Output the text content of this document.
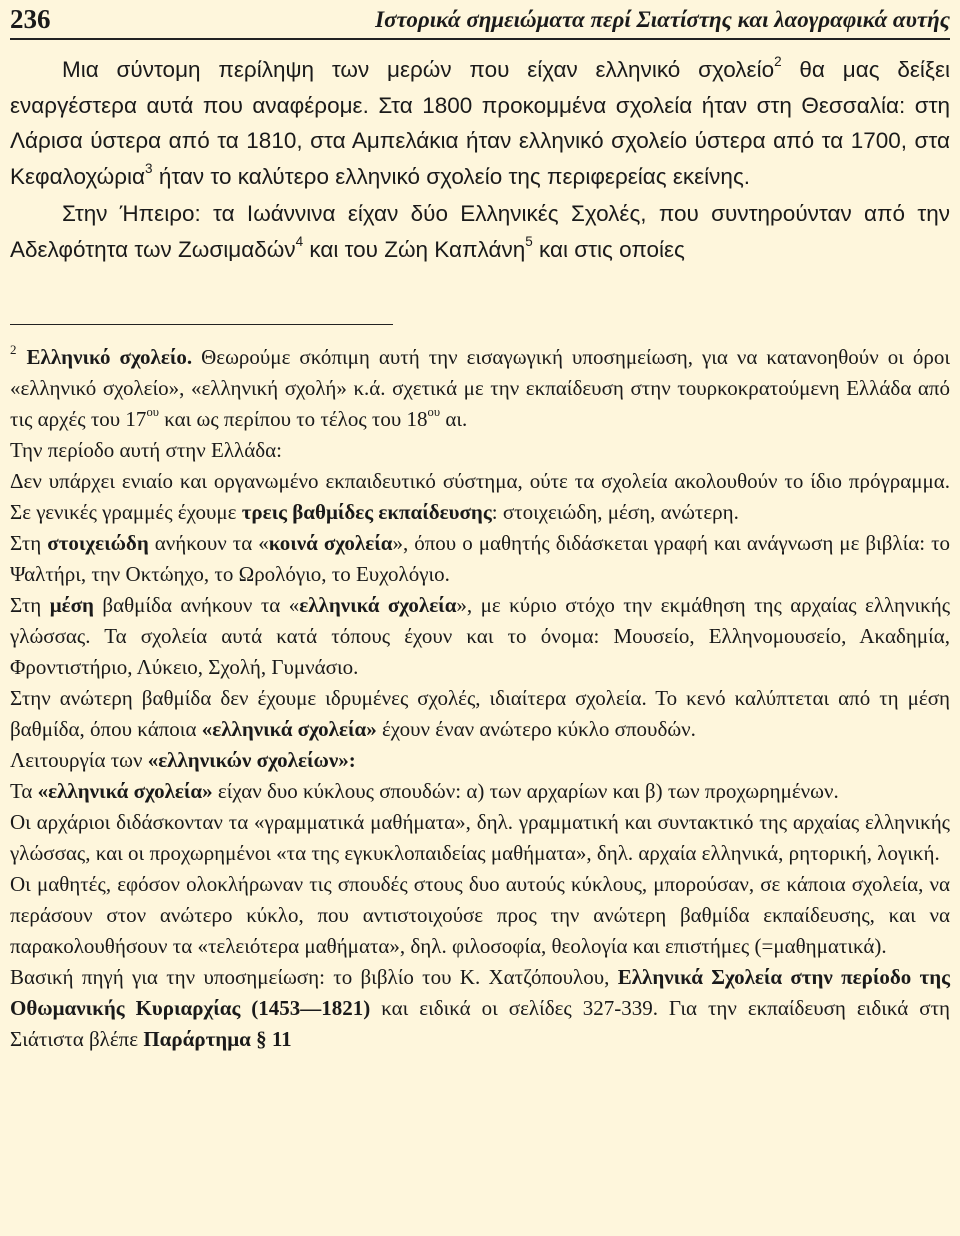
236	Ιστορικά σημειώματα περί Σιατίστης και λαογραφικά αυτής

Μια σύντομη περίληψη των μερών που είχαν ελληνικό σχολείο$^2$ θα μας δείξει εναργέστερα αυτά που αναφέρομε. Στα 1800 προκομμένα σχολεία ήταν στη Θεσσαλία: στη Λάρισα ύστερα από τα 1810, στα Αμπελάκια ήταν ελληνικό σχολείο ύστερα από τα 1700, στα Κεφαλοχώρια$^3$ ήταν το καλύτερο ελληνικό σχολείο της περιφερείας εκείνης.

Στην Ήπειρο: τα Ιωάννινα είχαν δύο Ελληνικές Σχολές, που συντηρούνταν από την Αδελφότητα των Ζωσιμαδών$^4$ και του Ζώη Καπλάνη$^5$ και στις οποίες

$^2$ Ελληνικό σχολείο. Θεωρούμε σκόπιμη αυτή την εισαγωγική υποσημείωση, για να κατανοηθούν οι όροι «ελληνικό σχολείο», «ελληνική σχολή» κ.ά. σχετικά με την εκπαίδευση στην τουρκοκρατούμενη Ελλάδα από τις αρχές του $17^{o\upsilon}$ και ως περίπου το τέλος του $18^{o\upsilon}$ αι.

Την περίοδο αυτή στην Ελλάδα:

Δεν υπάρχει ενιαίο και οργανωμένο εκπαιδευτικό σύστημα, ούτε τα σχολεία ακολουθούν το ίδιο πρόγραμμα. Σε γενικές γραμμές έχουμε τρεις βαθμίδες εκπαίδευσης: στοιχειώδη, μέση, ανώτερη.

Στη στοιχειώδη ανήκουν τα «κοινά σχολεία», όπου ο μαθητής διδάσκεται γραφή και ανάγνωση με βιβλία: το Ψαλτήρι, την Οκτώηχο, το Ωρολόγιο, το Ευχολόγιο.

Στη μέση βαθμίδα ανήκουν τα «ελληνικά σχολεία», με κύριο στόχο την εκμάθηση της αρχαίας ελληνικής γλώσσας. Τα σχολεία αυτά κατά τόπους έχουν και το όνομα: Μουσείο, Ελληνομουσείο, Ακαδημία, Φροντιστήριο, Λύκειο, Σχολή, Γυμνάσιο.

Στην ανώτερη βαθμίδα δεν έχουμε ιδρυμένες σχολές, ιδιαίτερα σχολεία. Το κενό καλύπτεται από τη μέση βαθμίδα, όπου κάποια «ελληνικά σχολεία» έχουν έναν ανώτερο κύκλο σπουδών.

Λειτουργία των «ελληνικών σχολείων»:

Τα «ελληνικά σχολεία» είχαν δυο κύκλους σπουδών: α) των αρχαρίων και β) των προχωρημένων.

Οι αρχάριοι διδάσκονταν τα «γραμματικά μαθήματα», δηλ. γραμματική και συντακτικό της αρχαίας ελληνικής γλώσσας, και οι προχωρημένοι «τα της εγκυκλοπαιδείας μαθήματα», δηλ. αρχαία ελληνικά, ρητορική, λογική.

Οι μαθητές, εφόσον ολοκλήρωναν τις σπουδές στους δυο αυτούς κύκλους, μπορούσαν, σε κάποια σχολεία, να περάσουν στον ανώτερο κύκλο, που αντιστοιχούσε προς την ανώτερη βαθμίδα εκπαίδευσης, και να παρακολουθήσουν τα «τελειότερα μαθήματα», δηλ. φιλοσοφία, θεολογία και επιστήμες (=μαθηματικά).

Βασική πηγή για την υποσημείωση: το βιβλίο του Κ. Χατζόπουλου, Ελληνικά Σχολεία στην περίοδο της Οθωμανικής Κυριαρχίας (1453—1821) και ειδικά οι σελίδες 327-339. Για την εκπαίδευση ειδικά στη Σιάτιστα βλέπε Παράρτημα § 11
